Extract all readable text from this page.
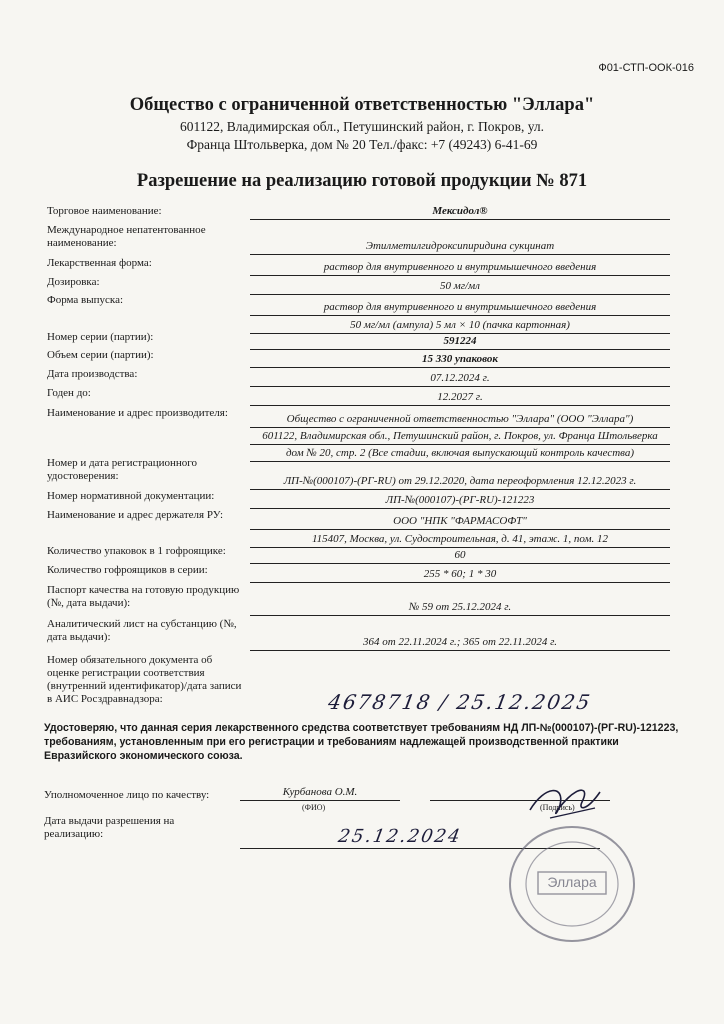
Ф01-СТП-ООК-016
Общество с ограниченной ответственностью "Эллара"
601122, Владимирская обл., Петушинский район, г. Покров, ул.
Франца Штольверка, дом № 20 Тел./факс: +7 (49243) 6-41-69
Разрешение на реализацию готовой продукции № 871
Торговое наименование:	Мексидол®
Международное непатентованное наименование:	Этилметилгидроксипиридина сукцинат
Лекарственная форма:	раствор для внутривенного и внутримышечного введения
Дозировка:	50 мг/мл
Форма выпуска:
раствор для внутривенного и внутримышечного введения
50 мг/мл (ампула) 5 мл × 10 (пачка картонная)
Номер серии (партии):	591224
Объем серии (партии):	15 330 упаковок
Дата производства:	07.12.2024 г.
Годен до:	12.2027 г.
Наименование и адрес производителя:	Общество с ограниченной ответственностью "Эллара" (ООО "Эллара")
601122, Владимирская обл., Петушинский район, г. Покров, ул. Франца Штольверка
дом № 20, стр. 2 (Все стадии, включая выпускающий контроль качества)
Номер и дата регистрационного удостоверения:	ЛП-№(000107)-(РГ-RU) от 29.12.2020, дата переоформления 12.12.2023 г.
Номер нормативной документации:	ЛП-№(000107)-(РГ-RU)-121223
Наименование и адрес держателя РУ:	ООО "НПК "ФАРМАСОФТ"
115407, Москва, ул. Судостроительная, д. 41, этаж. 1, пом. 12
Количество упаковок в 1 гофроящике:	60
Количество гофроящиков в серии:	255 * 60; 1 * 30
Паспорт качества на готовую продукцию (№, дата выдачи):	№ 59 от 25.12.2024 г.
Аналитический лист на субстанцию (№, дата выдачи):	364 от 22.11.2024 г.; 365 от 22.11.2024 г.
Номер обязательного документа об оценке регистрации соответствия (внутренний идентификатор)/дата записи в АИС Росздравнадзора:	4678718 / 25.12.2025
Удостоверяю, что данная серия лекарственного средства соответствует требованиям НД ЛП-№(000107)-(РГ-RU)-121223, требованиям, установленным при его регистрации и требованиям надлежащей производственной практики Евразийского экономического союза.
Уполномоченное лицо по качеству:	Курбанова О.М.
(ФИО)	(Подпись)
Дата выдачи разрешения на реализацию:	25.12.2024
Эллара
